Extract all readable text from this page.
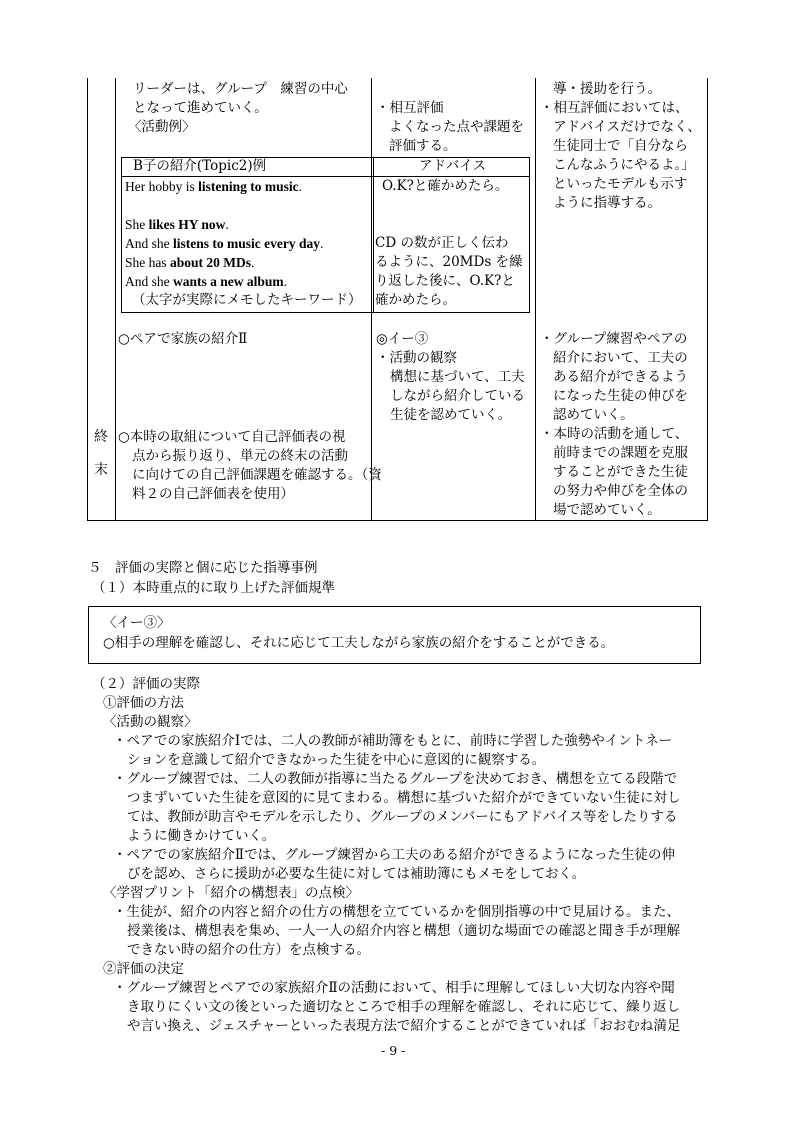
リーダーは、グループ　練習の中心
となって進めていく。
〈活動例〉
B子の紹介(Topic2)例	アドバイス
Her hobby is listening to music.
She likes HY now.
And she listens to music every day.
She has about 20 MDs.
And she wants a new album.
（太字が実際にメモしたキーワード）
O.K?と確かめたら。
CD の数が正しく伝わ
るように、20MDs を繰
り返した後に、O.K?と
確かめたら。
・相互評価
よくなった点や課題を
評価する。
導・援助を行う。
・相互評価においては、
アドバイスだけでなく、
生徒同士で「自分なら
こんなふうにやるよ。」
といったモデルも示す
ように指導する。
○ペアで家族の紹介Ⅱ	◎イー③
・活動の観察
構想に基づいて、工夫
しながら紹介している
生徒を認めていく。
・グループ練習やペアの
紹介において、工夫の
ある紹介ができるよう
になった生徒の伸びを
認めていく。
・本時の活動を通して、
前時までの課題を克服
することができた生徒
の努力や伸びを全体の
場で認めていく。
終
末
○本時の取組について自己評価表の視
点から振り返り、単元の終末の活動
に向けての自己評価課題を確認する。（資
料２の自己評価表を使用）
５　評価の実際と個に応じた指導事例
（１）本時重点的に取り上げた評価規準
〈イー③〉
○相手の理解を確認し、それに応じて工夫しながら家族の紹介をすることができる。
（２）評価の実際
①評価の方法
〈活動の観察〉
・ペアでの家族紹介Ⅰでは、二人の教師が補助簿をもとに、前時に学習した強勢やイントネー
ションを意識して紹介できなかった生徒を中心に意図的に観察する。
・グループ練習では、二人の教師が指導に当たるグループを決めておき、構想を立てる段階で
つまずいていた生徒を意図的に見てまわる。構想に基づいた紹介ができていない生徒に対し
ては、教師が助言やモデルを示したり、グループのメンバーにもアドバイス等をしたりする
ように働きかけていく。
・ペアでの家族紹介Ⅱでは、グループ練習から工夫のある紹介ができるようになった生徒の伸
びを認め、さらに援助が必要な生徒に対しては補助簿にもメモをしておく。
〈学習プリント「紹介の構想表」の点検〉
・生徒が、紹介の内容と紹介の仕方の構想を立てているかを個別指導の中で見届ける。また、
授業後は、構想表を集め、一人一人の紹介内容と構想（適切な場面での確認と聞き手が理解
できない時の紹介の仕方）を点検する。
②評価の決定
・グループ練習とペアでの家族紹介Ⅱの活動において、相手に理解してほしい大切な内容や聞
き取りにくい文の後といった適切なところで相手の理解を確認し、それに応じて、繰り返し
や言い換え、ジェスチャーといった表現方法で紹介することができていれば「おおむね満足
- 9 -
